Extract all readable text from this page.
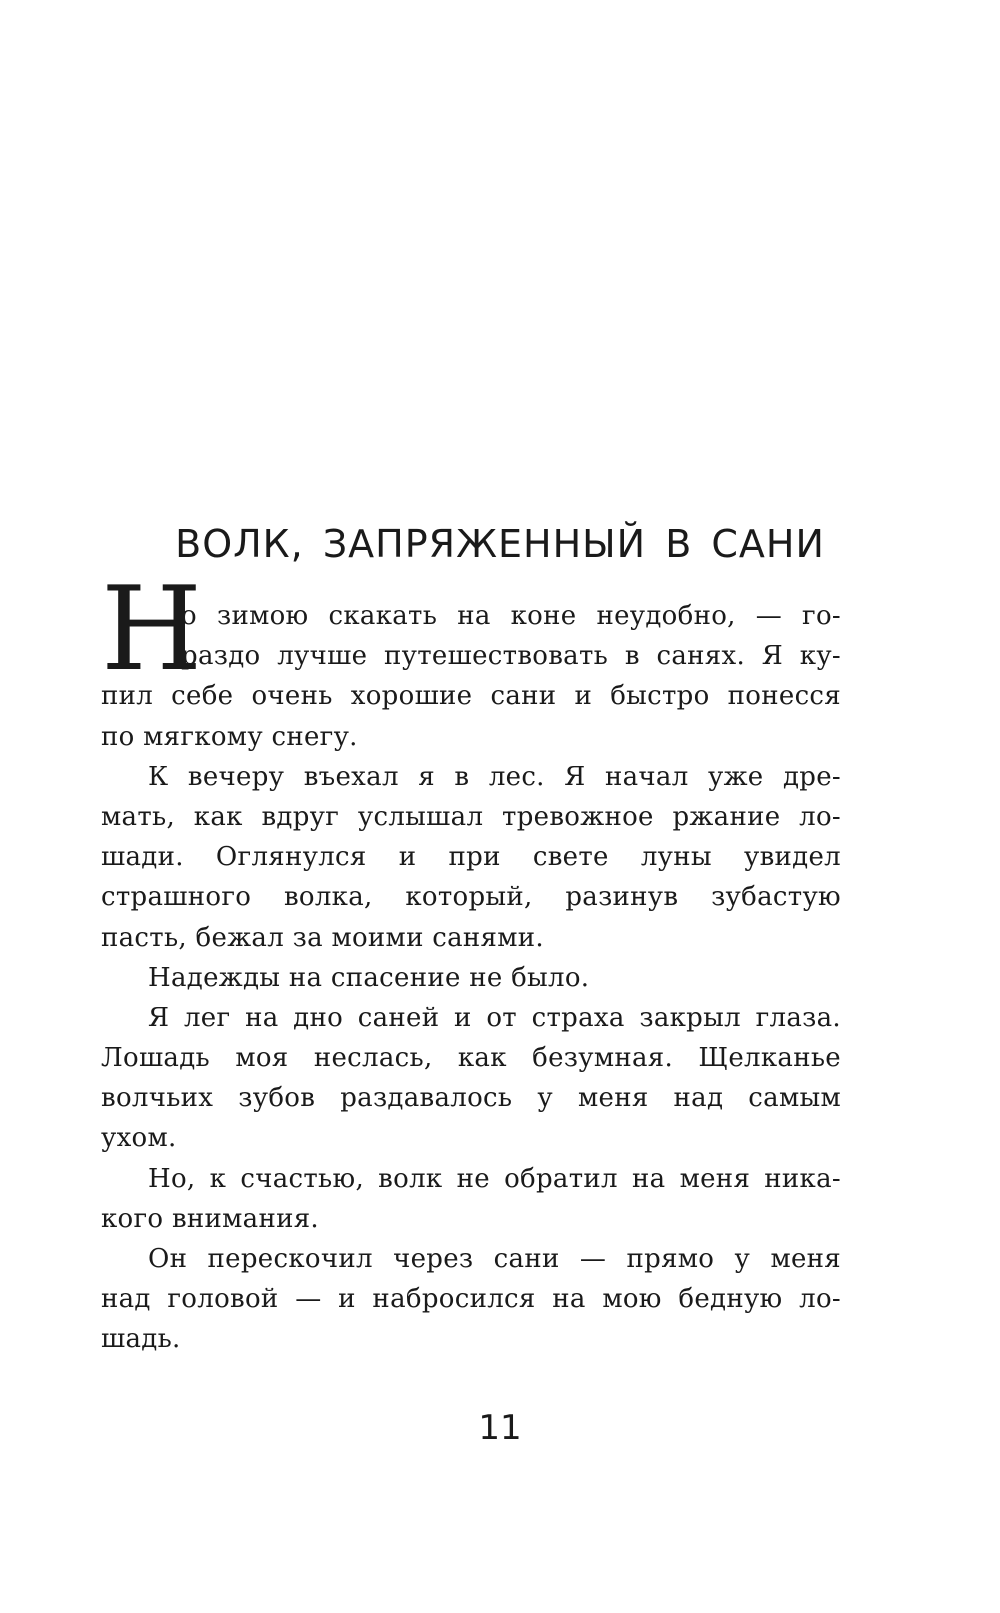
ВОЛК, ЗАПРЯЖЕННЫЙ В САНИ
Н
о зимою скакать на коне неудобно, — го-
раздо лучше путешествовать в санях. Я ку-
пил себе очень хорошие сани и быстро понесся
по мягкому снегу.
К вечеру въехал я в лес. Я начал уже дре-
мать, как вдруг услышал тревожное ржание ло-
шади. Оглянулся и при свете луны увидел
страшного волка, который, разинув зубастую
пасть, бежал за моими санями.
Надежды на спасение не было.
Я лег на дно саней и от страха закрыл глаза.
Лошадь моя неслась, как безумная. Щелканье
волчьих зубов раздавалось у меня над самым
ухом.
Но, к счастью, волк не обратил на меня ника-
кого внимания.
Он перескочил через сани — прямо у меня
над головой — и набросился на мою бедную ло-
шадь.
11
